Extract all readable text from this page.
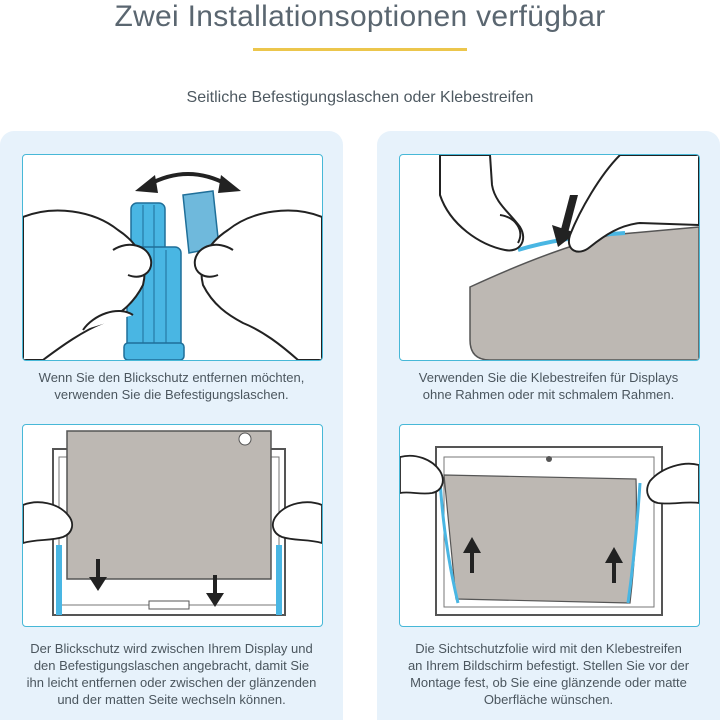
Zwei Installationsoptionen verfügbar
Seitliche Befestigungslaschen oder Klebestreifen
Wenn Sie den Blickschutz entfernen möchten,
verwenden Sie die Befestigungslaschen.
Der Blickschutz wird zwischen Ihrem Display und
den Befestigungslaschen angebracht, damit Sie
ihn leicht entfernen oder zwischen der glänzenden
und der matten Seite wechseln können.
Verwenden Sie die Klebestreifen für Displays
ohne Rahmen oder mit schmalem Rahmen.
Die Sichtschutzfolie wird mit den Klebestreifen
an Ihrem Bildschirm befestigt. Stellen Sie vor der
Montage fest, ob Sie eine glänzende oder matte
Oberfläche wünschen.
